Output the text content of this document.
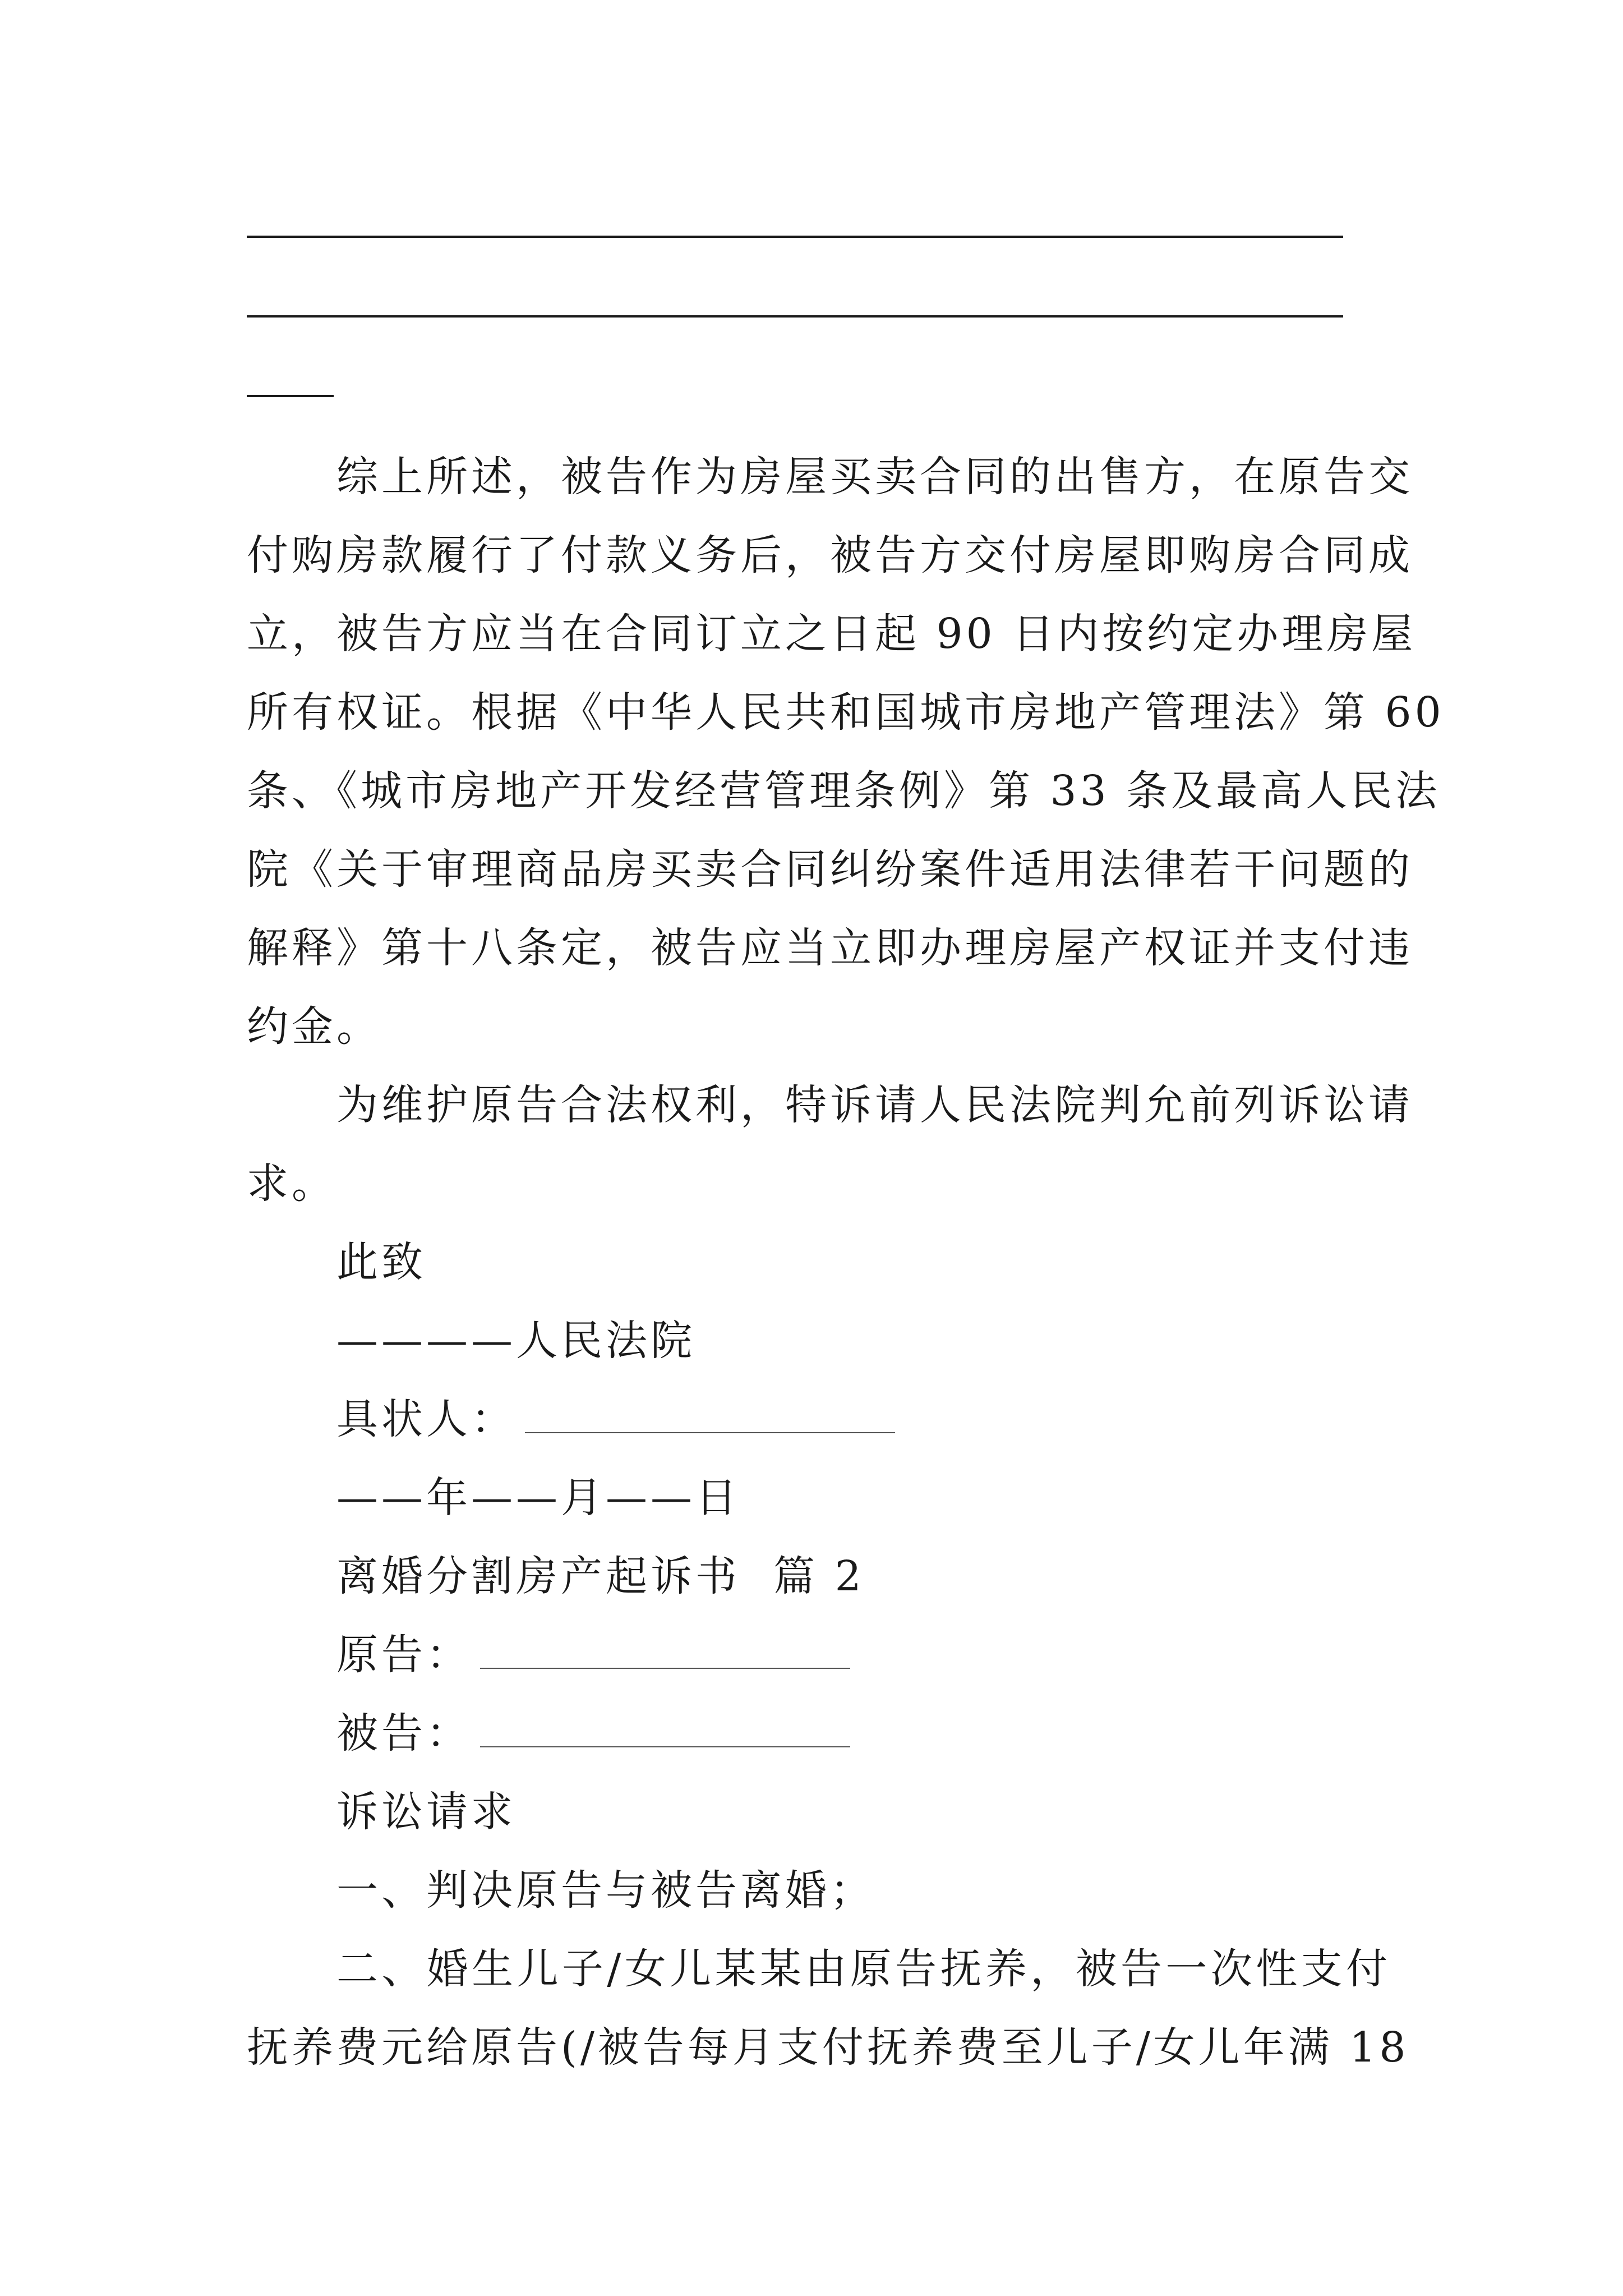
综上所述，被告作为房屋买卖合同的出售方，在原告交

付购房款履行了付款义务后，被告方交付房屋即购房合同成

立，被告方应当在合同订立之日起 90 日内按约定办理房屋

所有权证。根据《中华人民共和国城市房地产管理法》第 60

条、《城市房地产开发经营管理条例》第 33 条及最高人民法

院《关于审理商品房买卖合同纠纷案件适用法律若干问题的

解释》第十八条定，被告应当立即办理房屋产权证并支付违

约金。

为维护原告合法权利，特诉请人民法院判允前列诉讼请

求。

此致

————人民法院

具状人：

——年——月——日

离婚分割房产起诉书  篇 2

原告：

被告：

诉讼请求

一、判决原告与被告离婚；

二、婚生儿子/女儿某某由原告抚养，被告一次性支付

抚养费元给原告(/被告每月支付抚养费至儿子/女儿年满 18
